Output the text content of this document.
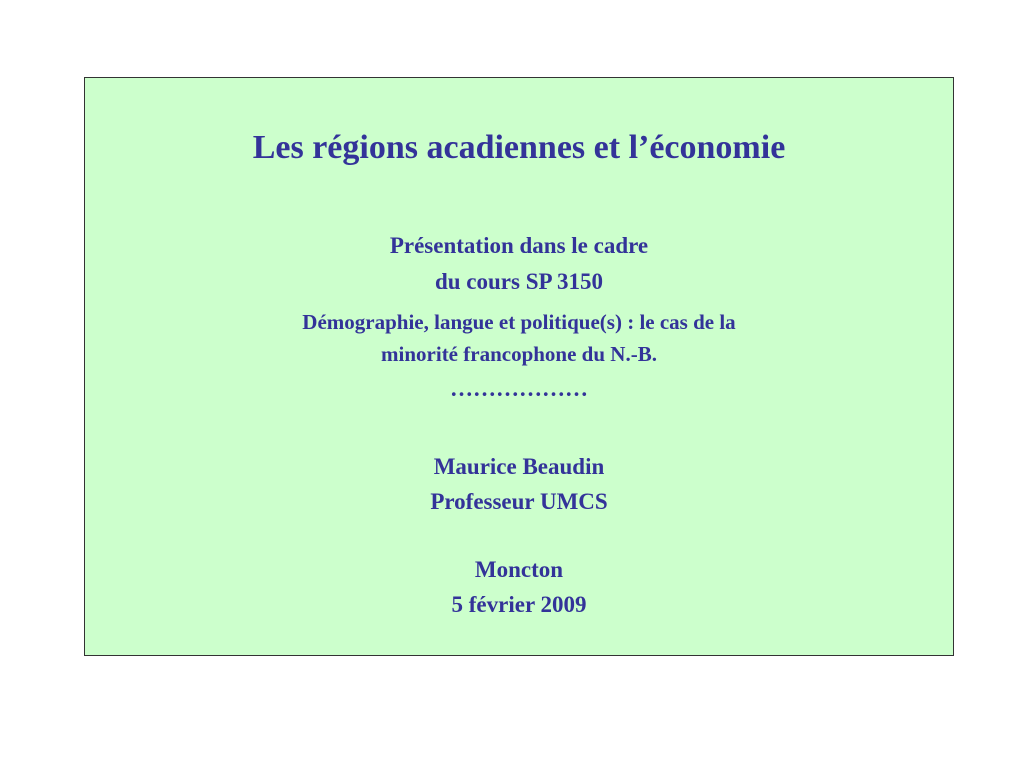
Les régions acadiennes et l’économie
Présentation dans le cadre
du cours SP 3150
Démographie, langue et politique(s) : le cas de la
minorité francophone du N.-B.
………………
Maurice Beaudin
Professeur UMCS
Moncton
5 février 2009
